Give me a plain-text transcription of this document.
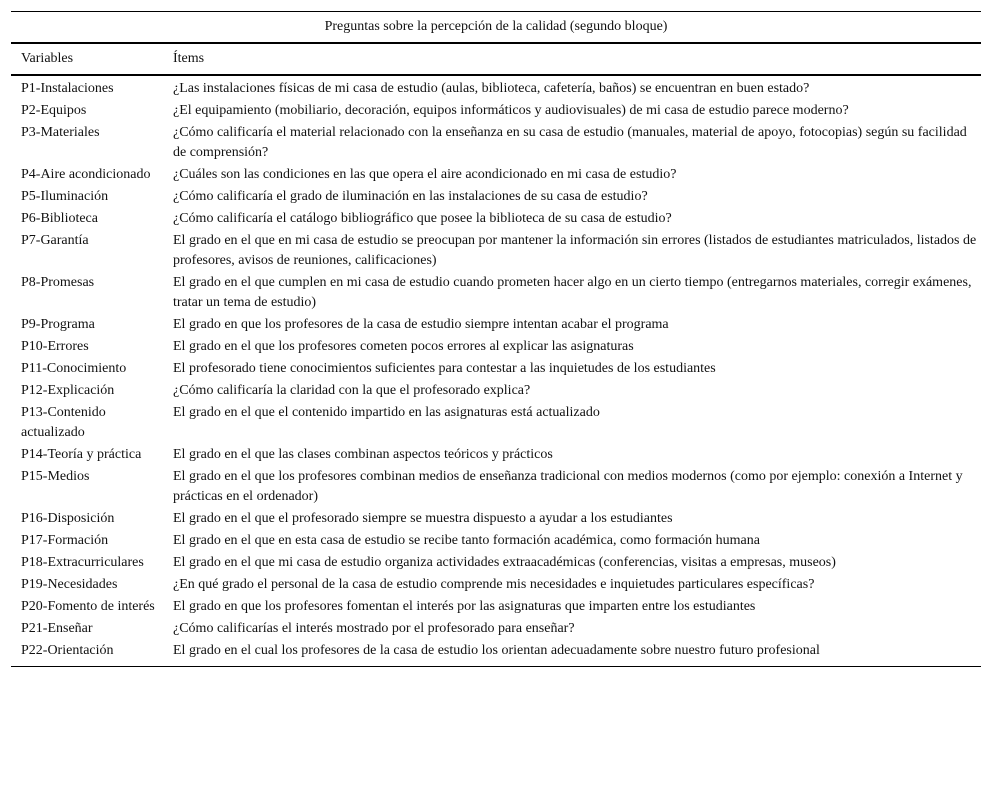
Preguntas sobre la percepción de la calidad (segundo bloque)	
Variables	Ítems
P1-Instalaciones	¿Las instalaciones físicas de mi casa de estudio (aulas, biblioteca, cafetería, baños) se encuentran en buen estado?
P2-Equipos	¿El equipamiento (mobiliario, decoración, equipos informáticos y audiovisuales) de mi casa de estudio parece moderno?
P3-Materiales	¿Cómo calificaría el material relacionado con la enseñanza en su casa de estudio (manuales, material de apoyo, fotocopias) según su facilidad de comprensión?
P4-Aire acondicionado	¿Cuáles son las condiciones en las que opera el aire acondicionado en mi casa de estudio?
P5-Iluminación	¿Cómo calificaría el grado de iluminación en las instalaciones de su casa de estudio?
P6-Biblioteca	¿Cómo calificaría el catálogo bibliográfico que posee la biblioteca de su casa de estudio?
P7-Garantía	El grado en el que en mi casa de estudio se preocupan por mantener la información sin errores (listados de estudiantes matriculados, listados de profesores, avisos de reuniones, calificaciones)
P8-Promesas	El grado en el que cumplen en mi casa de estudio cuando prometen hacer algo en un cierto tiempo (entregarnos materiales, corregir exámenes, tratar un tema de estudio)
P9-Programa	El grado en que los profesores de la casa de estudio siempre intentan acabar el programa
P10-Errores	El grado en el que los profesores cometen pocos errores al explicar las asignaturas
P11-Conocimiento	El profesorado tiene conocimientos suficientes para contestar a las inquietudes de los estudiantes
P12-Explicación	¿Cómo calificaría la claridad con la que el profesorado explica?
P13-Contenido actualizado	El grado en el que el contenido impartido en las asignaturas está actualizado
P14-Teoría y práctica	El grado en el que las clases combinan aspectos teóricos y prácticos
P15-Medios	El grado en el que los profesores combinan medios de enseñanza tradicional con medios modernos (como por ejemplo: conexión a Internet y prácticas en el ordenador)
P16-Disposición	El grado en el que el profesorado siempre se muestra dispuesto a ayudar a los estudiantes
P17-Formación	El grado en el que en esta casa de estudio se recibe tanto formación académica, como formación humana
P18-Extracurriculares	El grado en el que mi casa de estudio organiza actividades extraacadémicas (conferencias, visitas a empresas, museos)
P19-Necesidades	¿En qué grado el personal de la casa de estudio comprende mis necesidades e inquietudes particulares específicas?
P20-Fomento de interés	El grado en que los profesores fomentan el interés por las asignaturas que imparten entre los estudiantes
P21-Enseñar	¿Cómo calificarías el interés mostrado por el profesorado para enseñar?
P22-Orientación	El grado en el cual los profesores de la casa de estudio los orientan adecuadamente sobre nuestro futuro profesional
